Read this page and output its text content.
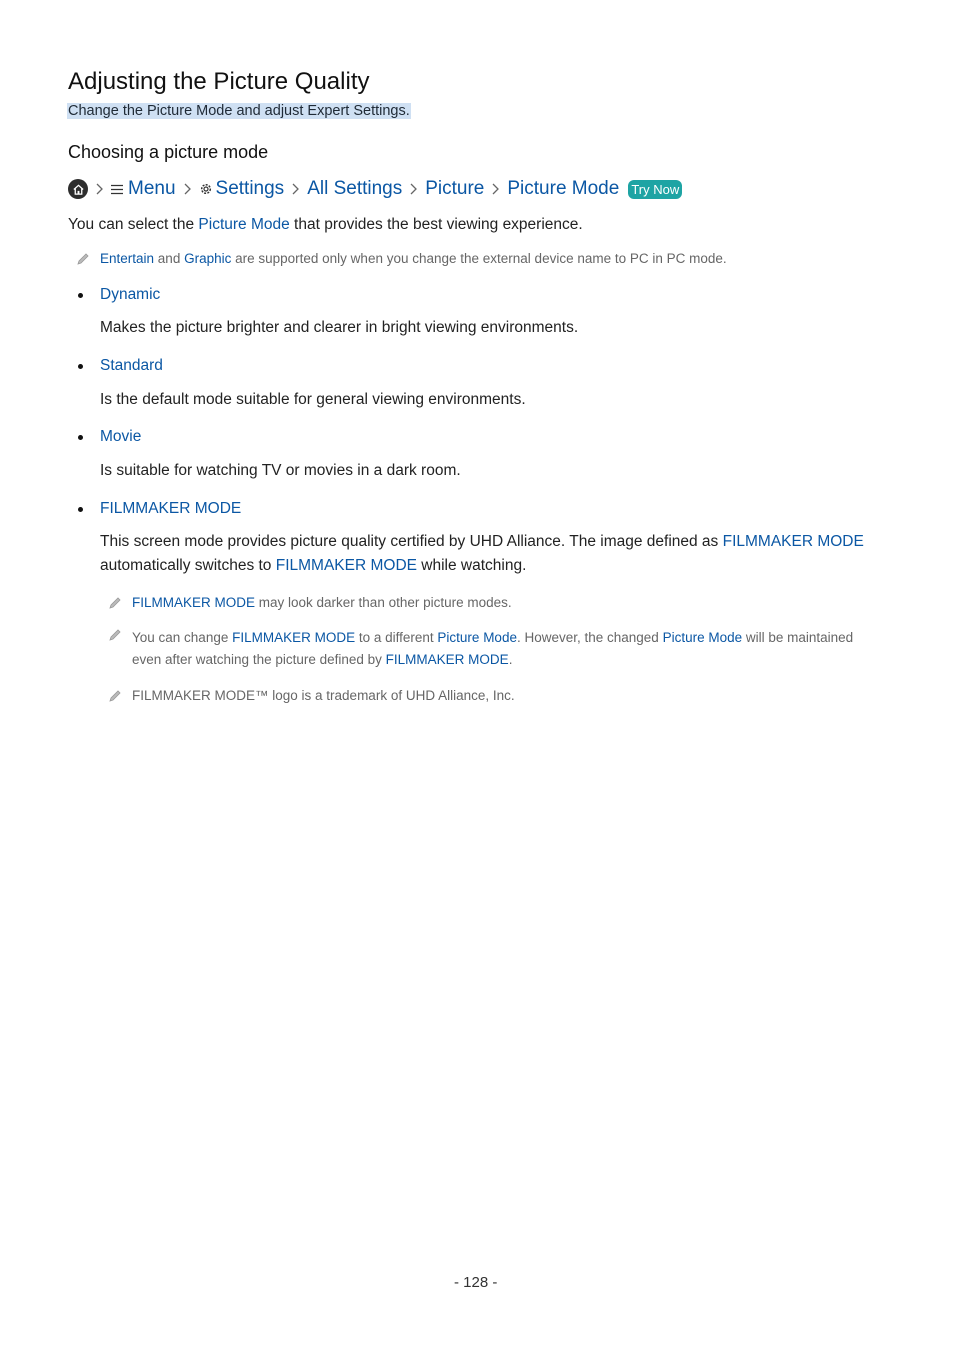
Adjusting the Picture Quality
Change the Picture Mode and adjust Expert Settings.
Choosing a picture mode
Menu Settings All Settings Picture Picture Mode Try Now
You can select the Picture Mode that provides the best viewing experience.
Entertain and Graphic are supported only when you change the external device name to PC in PC mode.
Dynamic
Makes the picture brighter and clearer in bright viewing environments.
Standard
Is the default mode suitable for general viewing environments.
Movie
Is suitable for watching TV or movies in a dark room.
FILMMAKER MODE
This screen mode provides picture quality certified by UHD Alliance. The image defined as FILMMAKER MODE
automatically switches to FILMMAKER MODE while watching.
FILMMAKER MODE may look darker than other picture modes.
You can change FILMMAKER MODE to a different Picture Mode. However, the changed Picture Mode will be maintained
even after watching the picture defined by FILMMAKER MODE.
FILMMAKER MODE™ logo is a trademark of UHD Alliance, Inc.
- 128 -
